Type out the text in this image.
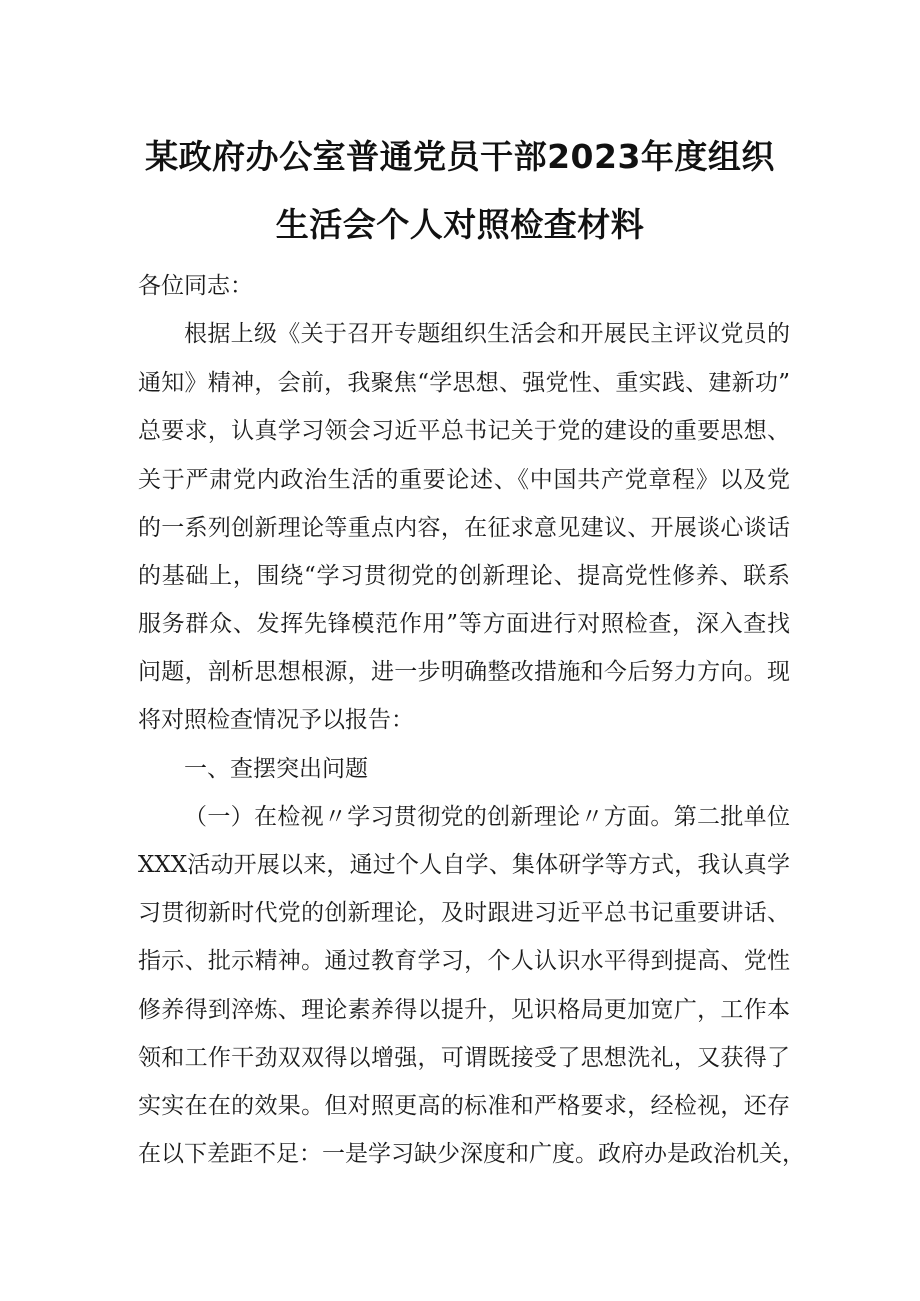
某政府办公室普通党员干部2023年度组织
生活会个人对照检查材料
各位同志：
根据上级《关于召开专题组织生活会和开展民主评议党员的
通知》精神，会前，我聚焦“学思想、强党性、重实践、建新功”
总要求，认真学习领会习近平总书记关于党的建设的重要思想、
关于严肃党内政治生活的重要论述、《中国共产党章程》以及党
的一系列创新理论等重点内容，在征求意见建议、开展谈心谈话
的基础上，围绕“学习贯彻党的创新理论、提高党性修养、联系
服务群众、发挥先锋模范作用”等方面进行对照检查，深入查找
问题，剖析思想根源，进一步明确整改措施和今后努力方向。现
将对照检查情况予以报告：
一、查摆突出问题
（一）在检视〃学习贯彻党的创新理论〃方面。第二批单位
XXX活动开展以来，通过个人自学、集体研学等方式，我认真学
习贯彻新时代党的创新理论，及时跟进习近平总书记重要讲话、
指示、批示精神。通过教育学习，个人认识水平得到提高、党性
修养得到淬炼、理论素养得以提升，见识格局更加宽广，工作本
领和工作干劲双双得以增强，可谓既接受了思想洗礼，又获得了
实实在在的效果。但对照更高的标准和严格要求，经检视，还存
在以下差距不足：一是学习缺少深度和广度。政府办是政治机关，
